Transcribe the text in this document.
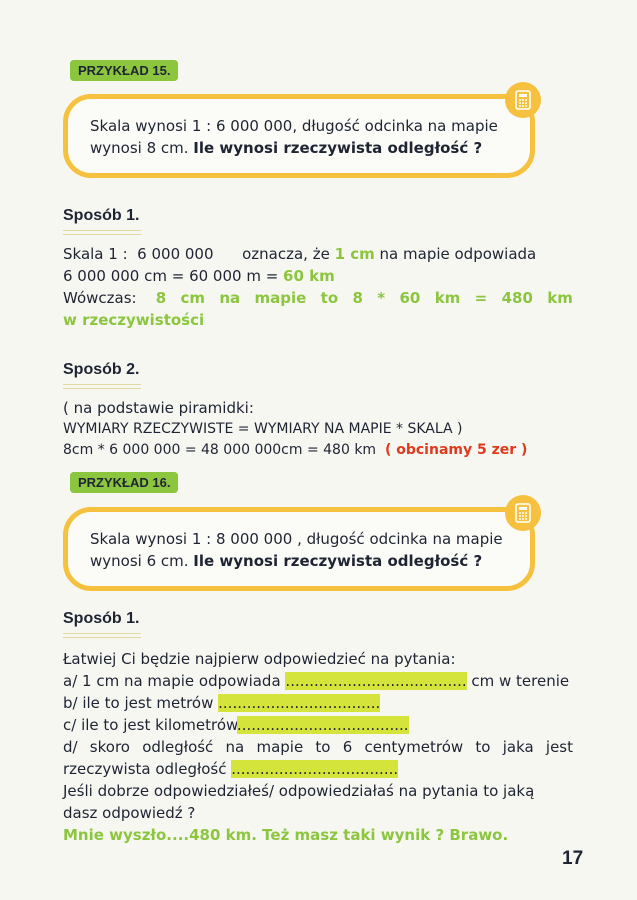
PRZYKŁAD 15.
Skala wynosi 1 : 6 000 000, długość odcinka na mapie
wynosi 8 cm. Ile wynosi rzeczywista odległość ?
Sposób 1.
Skala 1 :  6 000 000      oznacza, że 1 cm na mapie odpowiada
6 000 000 cm = 60 000 m = 60 km
Wówczas: 8 cm na mapie to 8 * 60 km = 480 km
w rzeczywistości
Sposób 2.
( na podstawie piramidki:
WYMIARY RZECZYWISTE = WYMIARY NA MAPIE * SKALA )
8cm * 6 000 000 = 48 000 000cm = 480 km  ( obcinamy 5 zer )
PRZYKŁAD 16.
Skala wynosi 1 : 8 000 000 , długość odcinka na mapie
wynosi 6 cm. Ile wynosi rzeczywista odległość ?
Sposób 1.
Łatwiej Ci będzie najpierw odpowiedzieć na pytania:
a/ 1 cm na mapie odpowiada ...................................... cm w terenie
b/ ile to jest metrów ..................................
c/ ile to jest kilometrów....................................
d/ skoro odległość na mapie to 6 centymetrów to jaka jest
rzeczywista odległość ...................................
Jeśli dobrze odpowiedziałeś/ odpowiedziałaś na pytania to jaką
dasz odpowiedź ?
Mnie wyszło....480 km. Też masz taki wynik ? Brawo.
17
